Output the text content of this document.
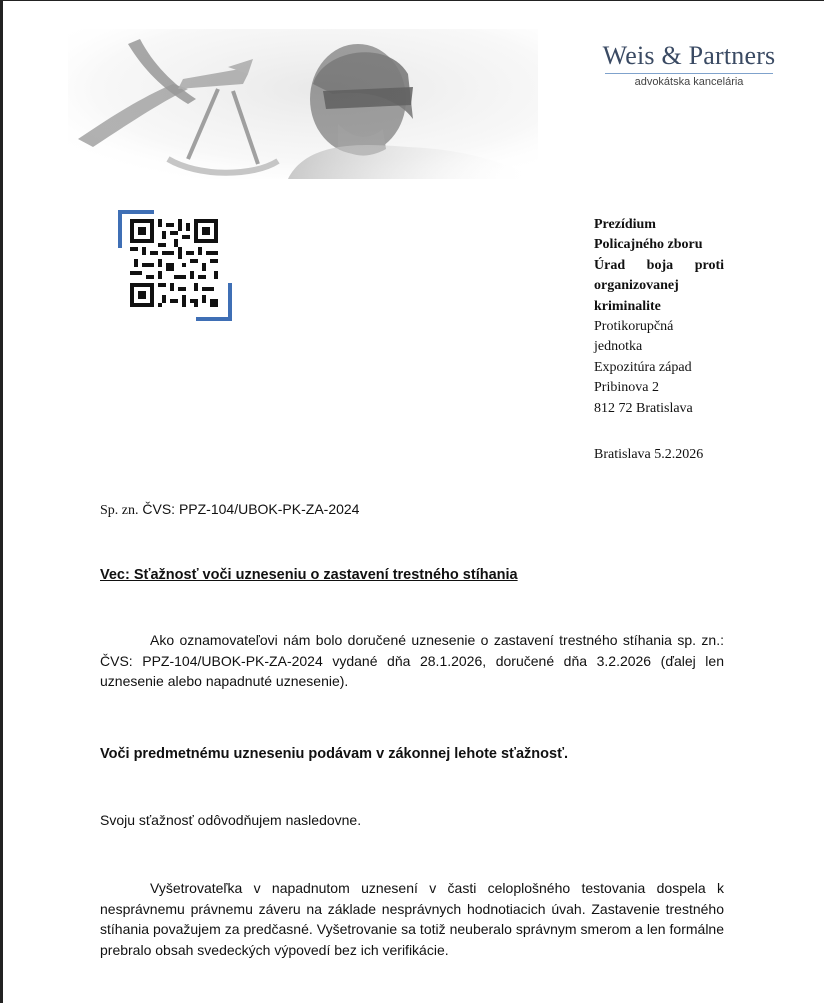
Weis & Partners
advokátska kancelária
Prezídium
Policajného zboru
Úrad boja proti
organizovanej
kriminalite
Protikorupčná
jednotka
Expozitúra západ
Pribinova 2
812 72 Bratislava
Bratislava 5.2.2026
Sp. zn. ČVS: PPZ-104/UBOK-PK-ZA-2024
Vec: Sťažnosť voči uzneseniu o zastavení trestného stíhania
Ako oznamovateľovi nám bolo doručené uznesenie o zastavení trestného stíhania sp. zn.: ČVS: PPZ-104/UBOK-PK-ZA-2024 vydané dňa 28.1.2026, doručené dňa 3.2.2026 (ďalej len uznesenie alebo napadnuté uznesenie).
Voči predmetnému uzneseniu podávam v zákonnej lehote sťažnosť.
Svoju sťažnosť odôvodňujem nasledovne.
Vyšetrovateľka v napadnutom uznesení v časti celoplošného testovania dospela k nesprávnemu právnemu záveru na základe nesprávnych hodnotiacich úvah. Zastavenie trestného stíhania považujem za predčasné. Vyšetrovanie sa totiž neuberalo správnym smerom a len formálne prebralo obsah svedeckých výpovedí bez ich verifikácie.
